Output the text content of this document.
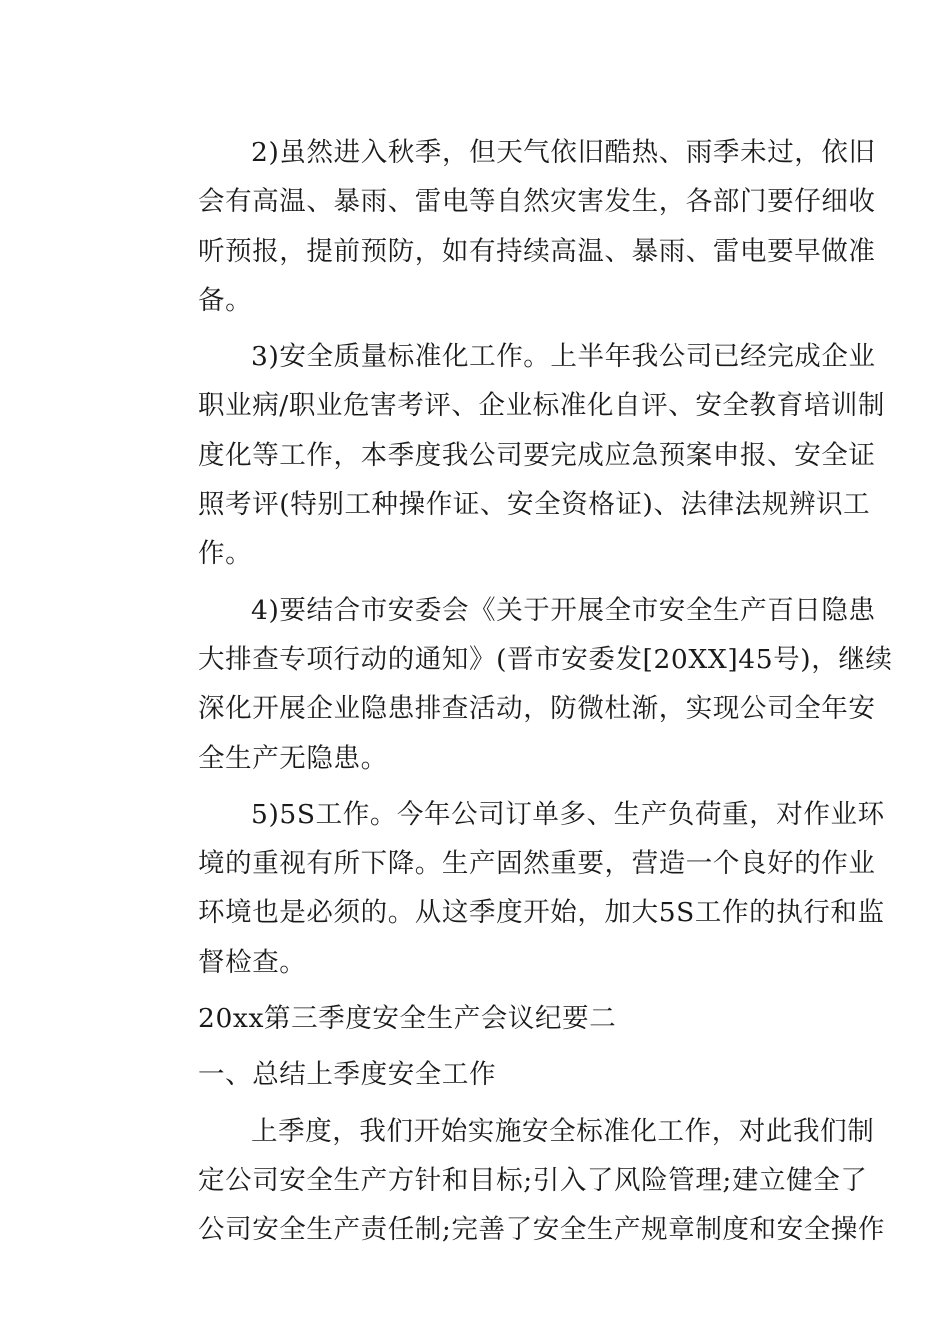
2)虽然进入秋季，但天气依旧酷热、雨季未过，依旧
会有高温、暴雨、雷电等自然灾害发生，各部门要仔细收
听预报，提前预防，如有持续高温、暴雨、雷电要早做准
备。
3)安全质量标准化工作。上半年我公司已经完成企业
职业病/职业危害考评、企业标准化自评、安全教育培训制
度化等工作，本季度我公司要完成应急预案申报、安全证
照考评(特别工种操作证、安全资格证)、法律法规辨识工
作。
4)要结合市安委会《关于开展全市安全生产百日隐患
大排查专项行动的通知》(晋市安委发[20XX]45号)，继续
深化开展企业隐患排查活动，防微杜渐，实现公司全年安
全生产无隐患。
5)5S工作。今年公司订单多、生产负荷重，对作业环
境的重视有所下降。生产固然重要，营造一个良好的作业
环境也是必须的。从这季度开始，加大5S工作的执行和监
督检查。
20xx第三季度安全生产会议纪要二
一、总结上季度安全工作
上季度，我们开始实施安全标准化工作，对此我们制
定公司安全生产方针和目标;引入了风险管理;建立健全了
公司安全生产责任制;完善了安全生产规章制度和安全操作
